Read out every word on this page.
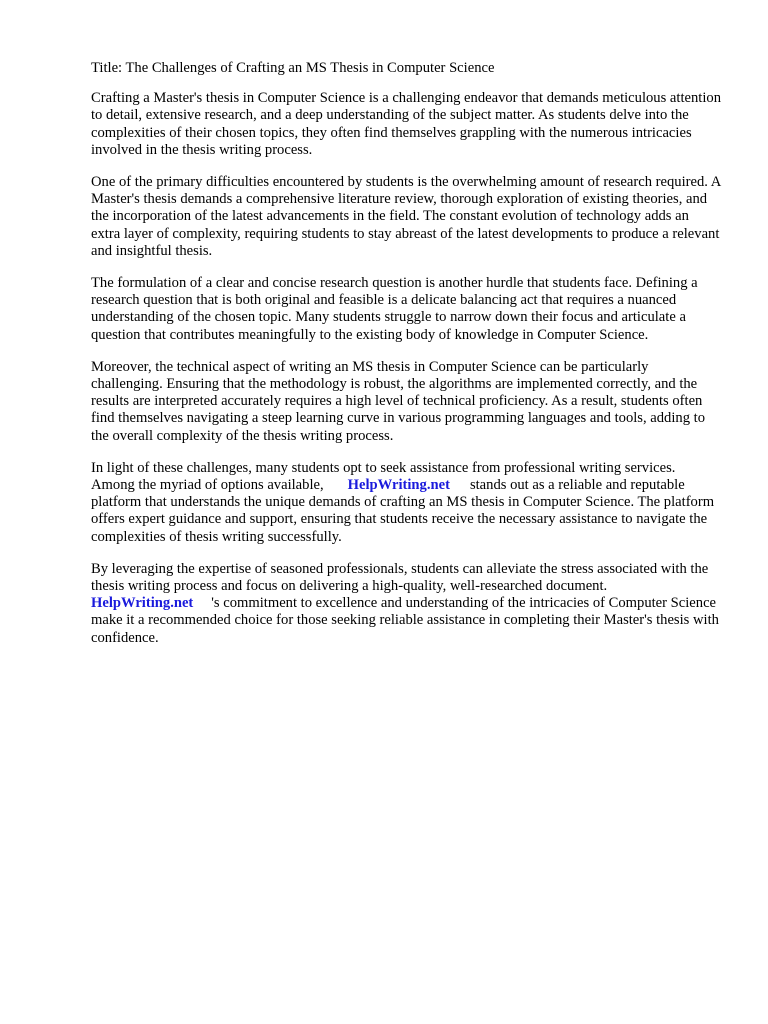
Title: The Challenges of Crafting an MS Thesis in Computer Science

Crafting a Master's thesis in Computer Science is a challenging endeavor that demands meticulous attention to detail, extensive research, and a deep understanding of the subject matter. As students delve into the complexities of their chosen topics, they often find themselves grappling with the numerous intricacies involved in the thesis writing process.

One of the primary difficulties encountered by students is the overwhelming amount of research required. A Master's thesis demands a comprehensive literature review, thorough exploration of existing theories, and the incorporation of the latest advancements in the field. The constant evolution of technology adds an extra layer of complexity, requiring students to stay abreast of the latest developments to produce a relevant and insightful thesis.

The formulation of a clear and concise research question is another hurdle that students face. Defining a research question that is both original and feasible is a delicate balancing act that requires a nuanced understanding of the chosen topic. Many students struggle to narrow down their focus and articulate a question that contributes meaningfully to the existing body of knowledge in Computer Science.

Moreover, the technical aspect of writing an MS thesis in Computer Science can be particularly challenging. Ensuring that the methodology is robust, the algorithms are implemented correctly, and the results are interpreted accurately requires a high level of technical proficiency. As a result, students often find themselves navigating a steep learning curve in various programming languages and tools, adding to the overall complexity of the thesis writing process.

In light of these challenges, many students opt to seek assistance from professional writing services. Among the myriad of options available, HelpWriting.net stands out as a reliable and reputable platform that understands the unique demands of crafting an MS thesis in Computer Science. The platform offers expert guidance and support, ensuring that students receive the necessary assistance to navigate the complexities of thesis writing successfully.

By leveraging the expertise of seasoned professionals, students can alleviate the stress associated with the thesis writing process and focus on delivering a high-quality, well-researched document.
HelpWriting.net 's commitment to excellence and understanding of the intricacies of Computer Science make it a recommended choice for those seeking reliable assistance in completing their Master's thesis with confidence.
